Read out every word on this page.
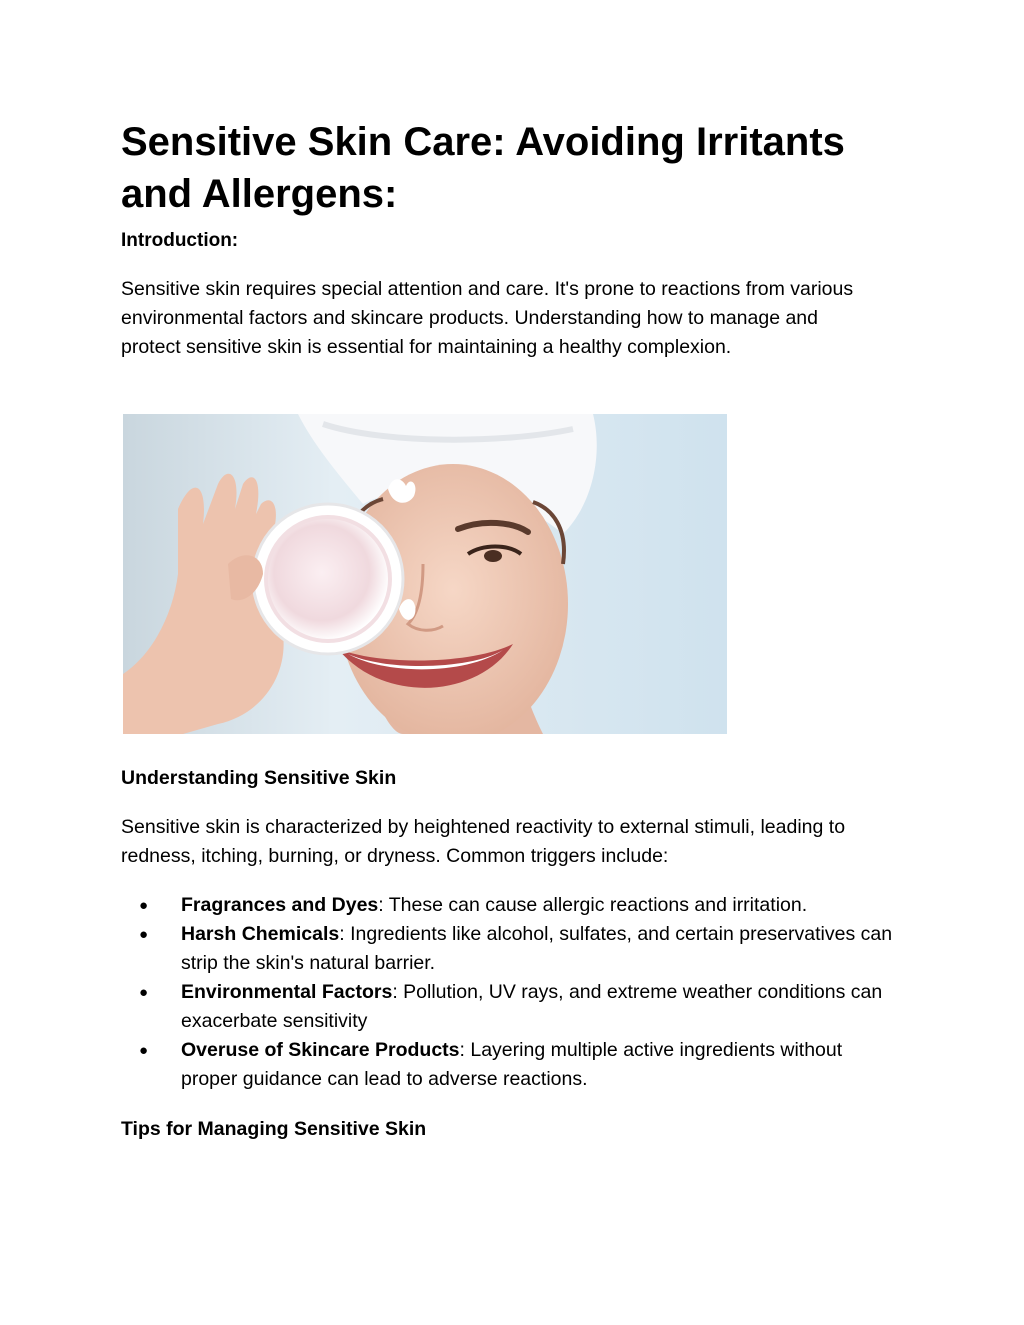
Sensitive Skin Care: Avoiding Irritants and Allergens:

Introduction:

Sensitive skin requires special attention and care. It's prone to reactions from various environmental factors and skincare products. Understanding how to manage and protect sensitive skin is essential for maintaining a healthy complexion.

Understanding Sensitive Skin

Sensitive skin is characterized by heightened reactivity to external stimuli, leading to redness, itching, burning, or dryness. Common triggers include:

● Fragrances and Dyes: These can cause allergic reactions and irritation.
● Harsh Chemicals: Ingredients like alcohol, sulfates, and certain preservatives can strip the skin's natural barrier.
● Environmental Factors: Pollution, UV rays, and extreme weather conditions can exacerbate sensitivity
● Overuse of Skincare Products: Layering multiple active ingredients without proper guidance can lead to adverse reactions.

Tips for Managing Sensitive Skin
